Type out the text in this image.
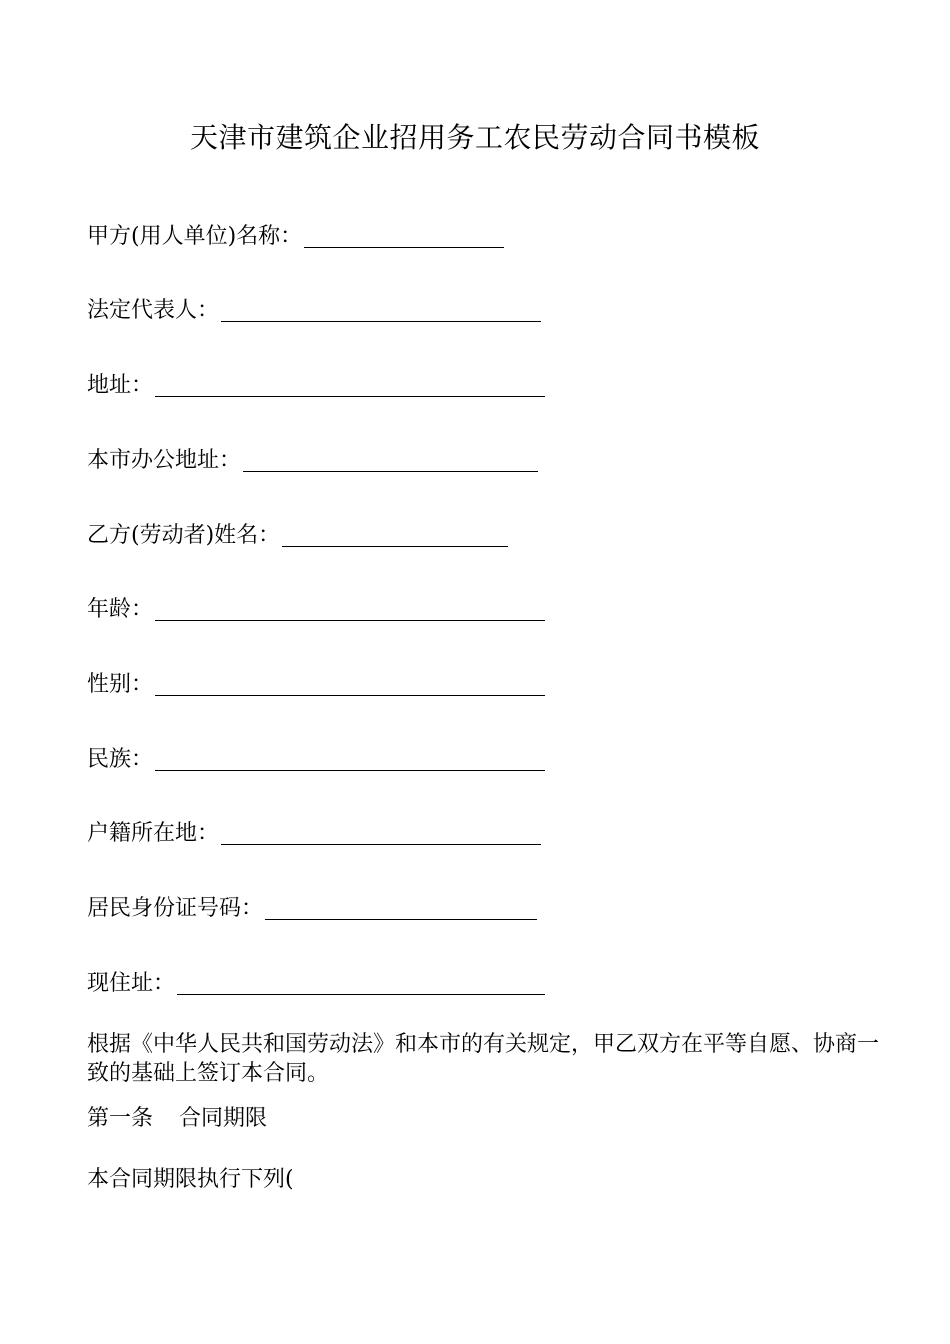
天津市建筑企业招用务工农民劳动合同书模板
甲方(用人单位)名称：
法定代表人：
地址：
本市办公地址：
乙方(劳动者)姓名：
年龄：
性别：
民族：
户籍所在地：
居民身份证号码：
现住址：
根据《中华人民共和国劳动法》和本市的有关规定，甲乙双方在平等自愿、协商一致的基础上签订本合同。
第一条 合同期限
本合同期限执行下列(
